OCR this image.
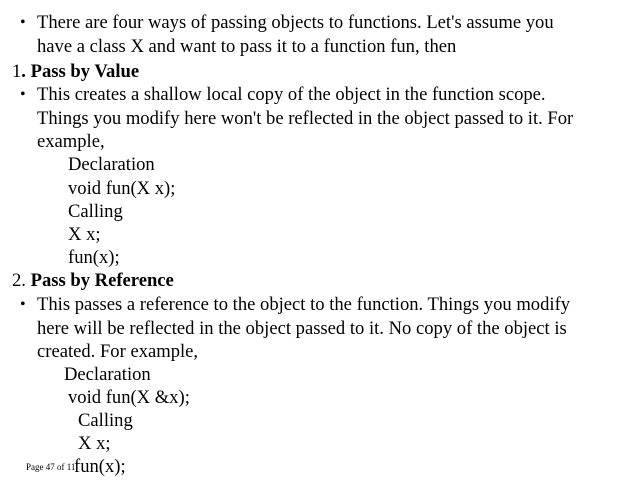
• There are four ways of passing objects to functions. Let's assume you
have a class X and want to pass it to a function fun, then
1. Pass by Value
• This creates a shallow local copy of the object in the function scope.
Things you modify here won't be reflected in the object passed to it. For
example,
Declaration
void fun(X x);
Calling
X x;
fun(x);
2. Pass by Reference
• This passes a reference to the object to the function. Things you modify
here will be reflected in the object passed to it. No copy of the object is
created. For example,
Declaration
void fun(X &x);
Calling
X x;
fun(x);
Page 47 of 11
